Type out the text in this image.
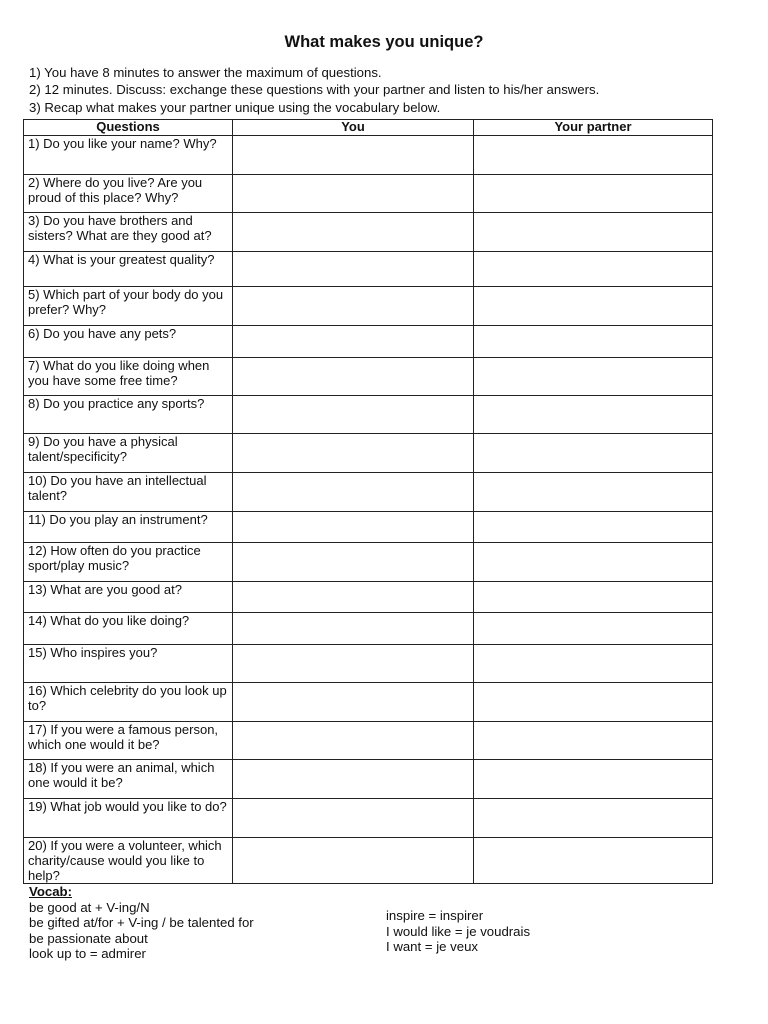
What makes you unique?
1) You have 8 minutes to answer the maximum of questions.
2) 12 minutes. Discuss: exchange these questions with your partner and listen to his/her answers.
3) Recap what makes your partner unique using the vocabulary below.
Questions	You	Your partner
1) Do you like your name? Why?		
2) Where do you live? Are you proud of this place? Why?		
3) Do you have brothers and sisters? What are they good at?		
4) What is your greatest quality?		
5) Which part of your body do you prefer? Why?		
6) Do you have any pets?		
7) What do you like doing when you have some free time?		
8) Do you practice any sports?		
9) Do you have a physical talent/specificity?		
10) Do you have an intellectual talent?		
11) Do you play an instrument?		
12) How often do you practice sport/play music?		
13) What are you good at?		
14) What do you like doing?		
15) Who inspires you?		
16) Which celebrity do you look up to?		
17) If you were a famous person, which one would it be?		
18) If you were an animal, which one would it be?		
19) What job would you like to do?		
20) If you were a volunteer, which charity/cause would you like to help?		
Vocab:
be good at + V-ing/N
be gifted at/for + V-ing / be talented for
be passionate about
look up to = admirer
inspire = inspirer
I would like = je voudrais
I want = je veux
